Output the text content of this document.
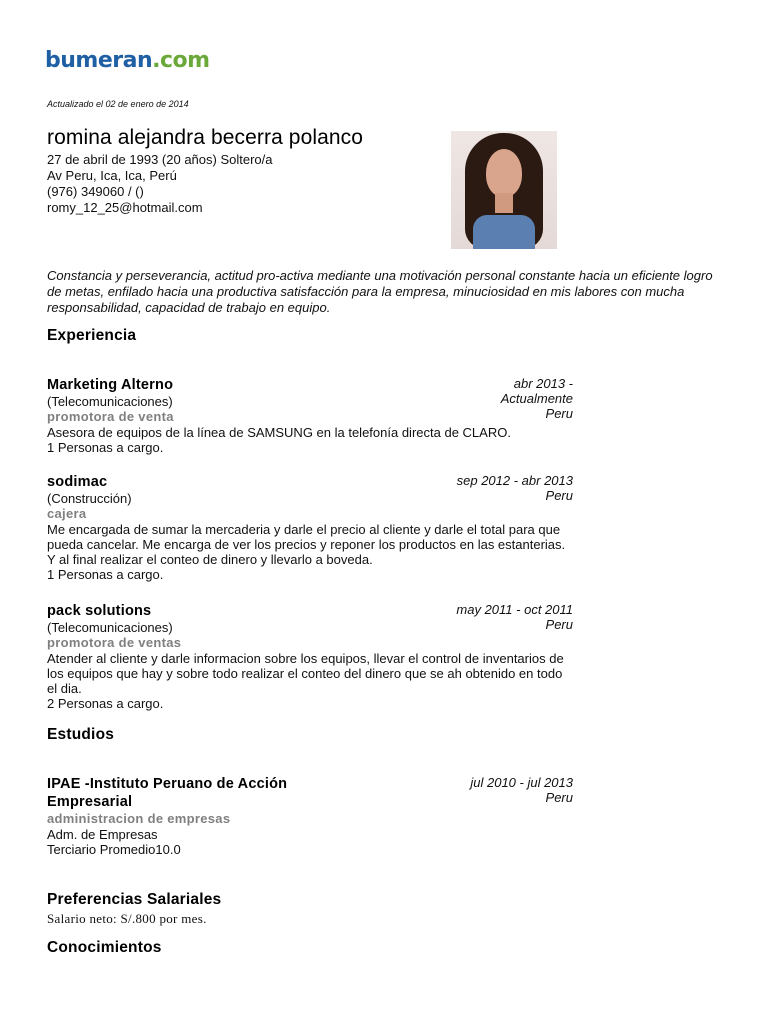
bumeran.com
Actualizado el 02 de enero de 2014
romina alejandra becerra polanco
27 de abril de 1993 (20 años) Soltero/a
Av Peru, Ica, Ica, Perú
(976) 349060 / ()
romy_12_25@hotmail.com
Constancia y perseverancia, actitud pro-activa mediante una motivación personal constante hacia un eficiente logro de metas, enfilado hacia una productiva satisfacción para la empresa, minuciosidad en mis labores con mucha responsabilidad, capacidad de trabajo en equipo.
Experiencia
Marketing Alterno
(Telecomunicaciones)
promotora de venta
Asesora de equipos de la línea de SAMSUNG en la telefonía directa de CLARO.
1 Personas a cargo.
abr 2013 -
Actualmente
Peru
sodimac
(Construcción)
cajera
Me encargada de sumar la mercaderia y darle el precio al cliente y darle el total para que pueda cancelar. Me encarga de ver los precios y reponer los productos en las estanterias. Y al final realizar el conteo de dinero y llevarlo a boveda.
1 Personas a cargo.
sep 2012 - abr 2013
Peru
pack solutions
(Telecomunicaciones)
promotora de ventas
Atender al cliente y darle informacion sobre los equipos, llevar el control de inventarios de los equipos que hay y sobre todo realizar el conteo del dinero que se ah obtenido en todo el dia.
2 Personas a cargo.
may 2011 - oct 2011
Peru
Estudios
IPAE -Instituto Peruano de Acción Empresarial
administracion de empresas
Adm. de Empresas
Terciario Promedio10.0
jul 2010 - jul 2013
Peru
Preferencias Salariales
Salario neto: S/.800 por mes.
Conocimientos
